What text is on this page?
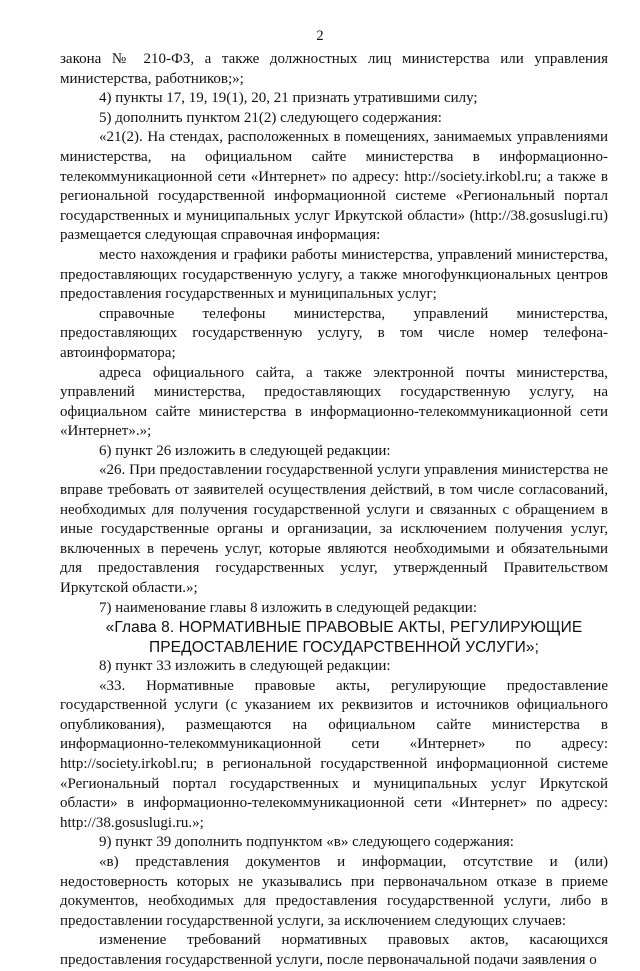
2

закона № 210-ФЗ, а также должностных лиц министерства или управления министерства, работников;»;

4) пункты 17, 19, 19(1), 20, 21 признать утратившими силу;

5) дополнить пунктом 21(2) следующего содержания:

«21(2). На стендах, расположенных в помещениях, занимаемых управлениями министерства, на официальном сайте министерства в информационно-телекоммуникационной сети «Интернет» по адресу: http://society.irkobl.ru; а также в региональной государственной информационной системе «Региональный портал государственных и муниципальных услуг Иркутской области» (http://38.gosuslugi.ru) размещается следующая справочная информация:

место нахождения и графики работы министерства, управлений министерства, предоставляющих государственную услугу, а также многофункциональных центров предоставления государственных и муниципальных услуг;

справочные телефоны министерства, управлений министерства, предоставляющих государственную услугу, в том числе номер телефона-автоинформатора;

адреса официального сайта, а также электронной почты министерства, управлений министерства, предоставляющих государственную услугу, на официальном сайте министерства в информационно-телекоммуникационной сети «Интернет».»;

6) пункт 26 изложить в следующей редакции:

«26. При предоставлении государственной услуги управления министерства не вправе требовать от заявителей осуществления действий, в том числе согласований, необходимых для получения государственной услуги и связанных с обращением в иные государственные органы и организации, за исключением получения услуг, включенных в перечень услуг, которые являются необходимыми и обязательными для предоставления государственных услуг, утвержденный Правительством Иркутской области.»;

7) наименование главы 8 изложить в следующей редакции:

«Глава 8. НОРМАТИВНЫЕ ПРАВОВЫЕ АКТЫ, РЕГУЛИРУЮЩИЕ ПРЕДОСТАВЛЕНИЕ ГОСУДАРСТВЕННОЙ УСЛУГИ»;

8) пункт 33 изложить в следующей редакции:

«33. Нормативные правовые акты, регулирующие предоставление государственной услуги (с указанием их реквизитов и источников официального опубликования), размещаются на официальном сайте министерства в информационно-телекоммуникационной сети «Интернет» по адресу: http://society.irkobl.ru; в региональной государственной информационной системе «Региональный портал государственных и муниципальных услуг Иркутской области» в информационно-телекоммуникационной сети «Интернет» по адресу: http://38.gosuslugi.ru.»;

9) пункт 39 дополнить подпунктом «в» следующего содержания:

«в) представления документов и информации, отсутствие и (или) недостоверность которых не указывались при первоначальном отказе в приеме документов, необходимых для предоставления государственной услуги, либо в предоставлении государственной услуги, за исключением следующих случаев:

изменение требований нормативных правовых актов, касающихся предоставления государственной услуги, после первоначальной подачи заявления о
